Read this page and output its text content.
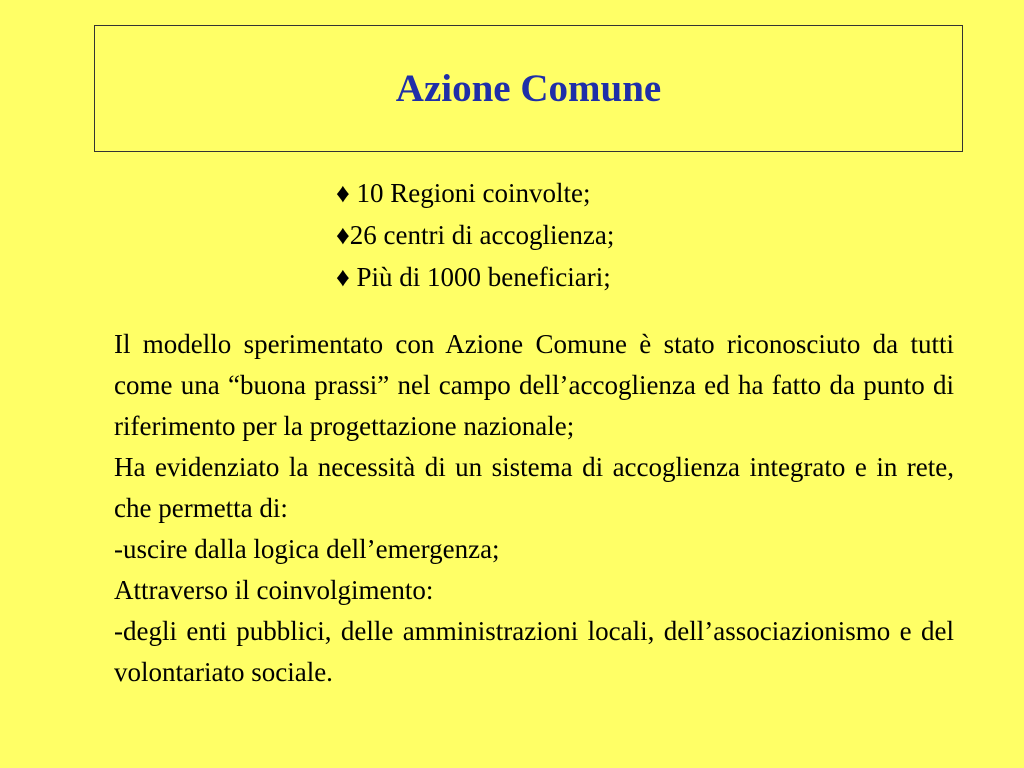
Azione Comune
♦ 10 Regioni coinvolte;
♦26 centri di accoglienza;
♦ Più di 1000 beneficiari;

Il modello sperimentato con Azione Comune è stato riconosciuto da tutti come una “buona prassi” nel campo dell’accoglienza ed ha fatto da punto di riferimento per la progettazione nazionale;

Ha evidenziato la necessità di un sistema di accoglienza integrato e in rete, che permetta di:

-uscire dalla logica dell’emergenza;

Attraverso il coinvolgimento:

-degli enti pubblici, delle amministrazioni locali, dell’associazionismo e del volontariato sociale.
